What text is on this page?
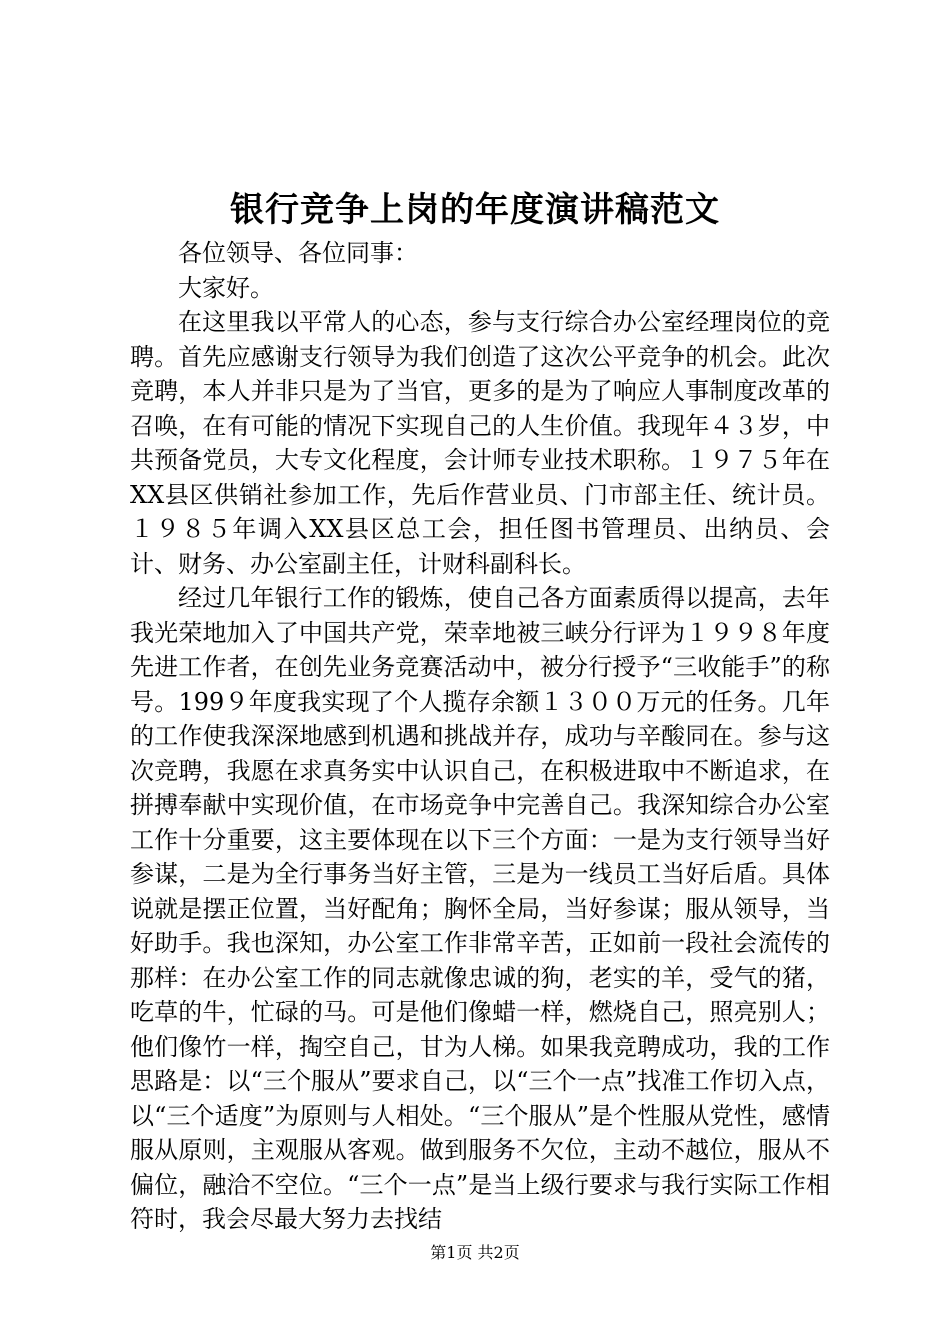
银行竞争上岗的年度演讲稿范文

各位领导、各位同事：

大家好。

在这里我以平常人的心态，参与支行综合办公室经理岗位的竞聘。首先应感谢支行领导为我们创造了这次公平竞争的机会。此次竞聘，本人并非只是为了当官，更多的是为了响应人事制度改革的召唤，在有可能的情况下实现自己的人生价值。我现年４３岁，中共预备党员，大专文化程度，会计师专业技术职称。１９７５年在XX县区供销社参加工作，先后作营业员、门市部主任、统计员。１９８５年调入XX县区总工会，担任图书管理员、出纳员、会计、财务、办公室副主任，计财科副科长。

经过几年银行工作的锻炼，使自己各方面素质得以提高，去年我光荣地加入了中国共产党，荣幸地被三峡分行评为１９９８年度先进工作者，在创先业务竞赛活动中，被分行授予“三收能手”的称号。199９年度我实现了个人揽存余额１３００万元的任务。几年的工作使我深深地感到机遇和挑战并存，成功与辛酸同在。参与这次竞聘，我愿在求真务实中认识自己，在积极进取中不断追求，在拼搏奉献中实现价值，在市场竞争中完善自己。我深知综合办公室工作十分重要，这主要体现在以下三个方面：一是为支行领导当好参谋，二是为全行事务当好主管，三是为一线员工当好后盾。具体说就是摆正位置，当好配角；胸怀全局，当好参谋；服从领导，当好助手。我也深知，办公室工作非常辛苦，正如前一段社会流传的那样：在办公室工作的同志就像忠诚的狗，老实的羊，受气的猪，吃草的牛，忙碌的马。可是他们像蜡一样，燃烧自己，照亮别人；他们像竹一样，掏空自己，甘为人梯。如果我竞聘成功，我的工作思路是：以“三个服从”要求自己，以“三个一点”找准工作切入点，以“三个适度”为原则与人相处。“三个服从”是个性服从党性，感情服从原则，主观服从客观。做到服务不欠位，主动不越位，服从不偏位，融洽不空位。“三个一点”是当上级行要求与我行实际工作相符时，我会尽最大努力去找结

第1页 共2页
